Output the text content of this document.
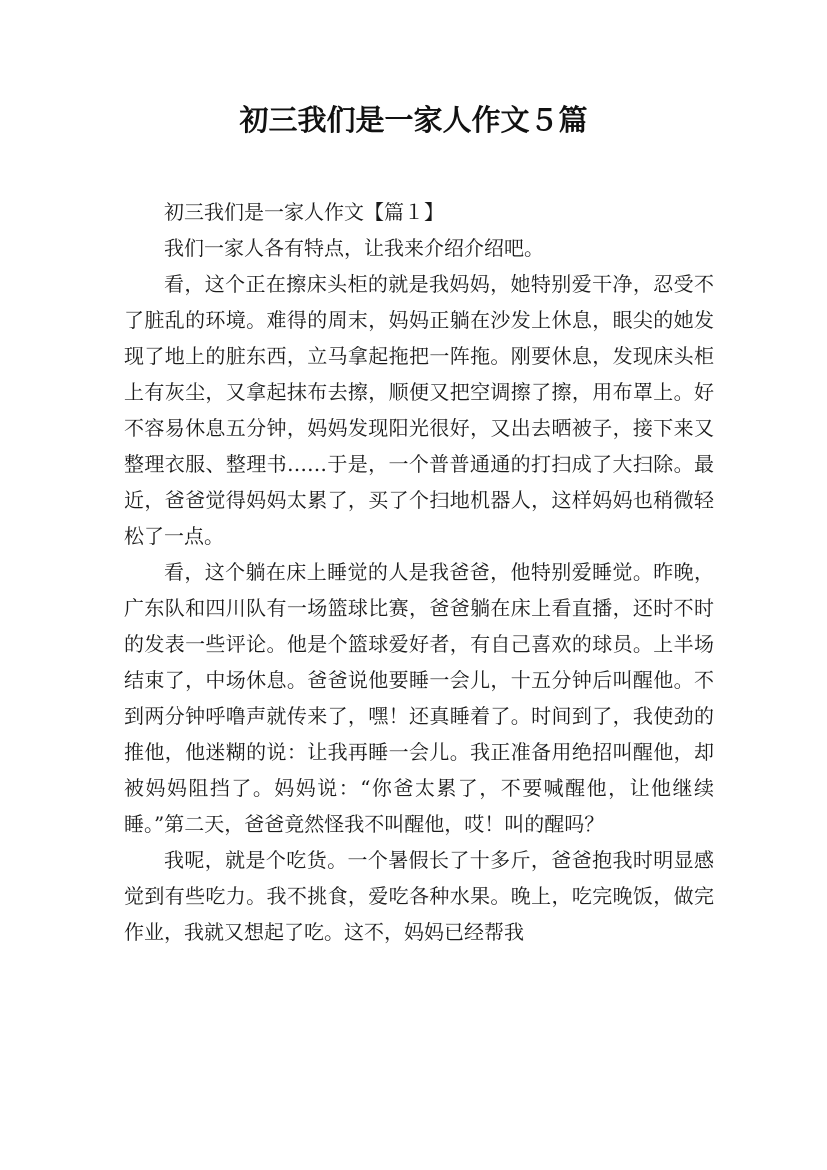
初三我们是一家人作文５篇

初三我们是一家人作文【篇１】

我们一家人各有特点，让我来介绍介绍吧。

看，这个正在擦床头柜的就是我妈妈，她特别爱干净，忍受不了脏乱的环境。难得的周末，妈妈正躺在沙发上休息，眼尖的她发现了地上的脏东西，立马拿起拖把一阵拖。刚要休息，发现床头柜上有灰尘，又拿起抹布去擦，顺便又把空调擦了擦，用布罩上。好不容易休息五分钟，妈妈发现阳光很好，又出去晒被子，接下来又整理衣服、整理书……于是，一个普普通通的打扫成了大扫除。最近，爸爸觉得妈妈太累了，买了个扫地机器人，这样妈妈也稍微轻松了一点。

看，这个躺在床上睡觉的人是我爸爸，他特别爱睡觉。昨晚，广东队和四川队有一场篮球比赛，爸爸躺在床上看直播，还时不时的发表一些评论。他是个篮球爱好者，有自己喜欢的球员。上半场结束了，中场休息。爸爸说他要睡一会儿，十五分钟后叫醒他。不到两分钟呼噜声就传来了，嘿！还真睡着了。时间到了，我使劲的推他，他迷糊的说：让我再睡一会儿。我正准备用绝招叫醒他，却被妈妈阻挡了。妈妈说：“你爸太累了，不要喊醒他，让他继续睡。”第二天，爸爸竟然怪我不叫醒他，哎！叫的醒吗？

我呢，就是个吃货。一个暑假长了十多斤，爸爸抱我时明显感觉到有些吃力。我不挑食，爱吃各种水果。晚上，吃完晚饭，做完作业，我就又想起了吃。这不，妈妈已经帮我
